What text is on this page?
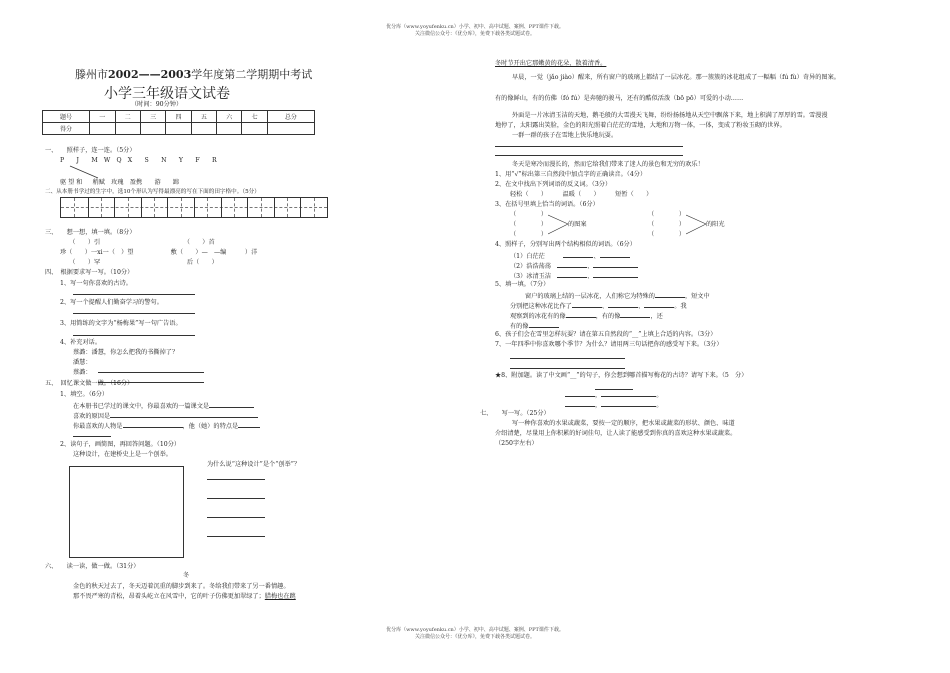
优分库（www.yoyufenku.cn）小学、初中、高中试题、案例、PPT课件下载。
关注微信公众号：《优分库》，免费下载各类试题试卷。
滕州市2002——2003学年度第二学期期中考试
小学三年级语文试卷
（时间：90分钟）
题号	一	二	三	四	五	六	七	总分
得分								
一、　　照样子，连一连。（5分）
P　　J　　M　W　Q　X　　S　　N　　Y　　F　　R
驱 望 和 　 稍赋　玫瑰　盈携　　游　　蹄
二、从本册书学过的生字中，选10个形认为写得最漂亮的写在下面的田字格中。（5分）
三、　　想一想，填一填。（8分）
　　（　　）引　　　　　　　　　　　　　　（　　）首
珍（　　）一xi一（　）望　　　　　　敷（　　）—　—编　　　）洋
　　（　　）罕　　　　　　　　　　　　　　后（　　）
四、　根据要求写一写。（10分）
1、写一句你喜欢的古诗。
2、写一个提醒人们勤奋学习的警句。
3、用简练的文字为“杨梅果”写一句广告语。
4、补充对话。
蔡潞：潘慧，你怎么把我的书撕掉了？
潘慧：
蔡潞：
五、　回忆课文做一做。（16分）
1、填空。（6分）
在本册书已学过的课文中，你最喜欢的一篇课文是
喜欢的原因是
你最喜欢的人物是	，他（她）的特点是
2、读句子，画简图，再回答问题。（10分）
这种设计，在建桥史上是一个创举。
为什么说“这种设计”是个“创举”？
六、　　读一读，做一做。（31分）
冬
金色的秋天过去了，冬天迈着沉重的脚步到来了。冬给我们带来了另一番情趣。
那不畏严寒的青松，昂着头屹立在风雪中，它的叶子仿佛更加翠绿了；腊梅也在跳
冬时节开出它那嫩黄的花朵，散着清香。
早晨，一觉（jǎo jiào）醒来，所有窗户的玻璃上都结了一层冰花。那一簇簇的冰花组成了一幅幅（fú fù）奇异的图案。
有的像鲜山，有的仿佛（fó fú）是奔驰的骏马，还有的酷似活泼（bō pō）可爱的小动……
外面是一片冰清玉洁的天地，鹅毛般的大雪漫天飞舞，纷纷扬扬地从天空中飘落下来，地上积满了厚厚的雪。雪漫漫
地停了，太阳露出笑脸，金色的阳光照着白茫茫的雪地，大地和万物一体，一体，变成了粉妆玉砌的世界。
一群一群的孩子在雪地上快乐地玩耍。
冬天是寒冷而漫长的，然而它给我们带来了迷人的景色和无穷的欢乐！
1、用“√”标出第三自然段中加点字的正确读音。（4分）
2、在文中找出下列词语的反义词。（3分）
轻松（　　）　　　温暖（　　）　　　短暂（　　）
3、在括号里填上恰当的词语。（6分）
（　　　　）
（　　　　）
（　　　　）
的图案
（　　　　）
（　　　　）
（　　　　）
的阳光
4、照样子，分别写出两个结构相似的词语。（6分）
（1）白茫茫　　　	、
（2）浩浩荡荡　	、
（3）冰清玉洁　	、
5、填一填。（7分）
窗户的玻璃上结的一层冰花，人们称它为特殊的	，短文中
分别把这种冰花比作了	、	、	。我
观察到的冰花有的像	，有的像	，还
有的像
6、孩子们会在雪里怎样玩耍？请在第五自然段的“__”上填上合适的内容。（3分）
7、一年四季中你喜欢哪个季节？为什么？请用两三句话把你的感受写下来。（3分）
★8、附加题。读了中文画“__”的句子，你会想到哪首描写梅花的古诗？请写下来。（5　分）
，	。
，	。
七、　　写一写。（25分）
写一种你喜欢的水果或蔬菜，要按一定的顺序，把水果或蔬菜的形状、颜色、味道
介绍清楚，尽量用上你积累的好词佳句，让人读了能感受到你真的喜欢这种水果或蔬菜。
（250字左右）
优分库（www.yoyufenku.cn）小学、初中、高中试题、案例、PPT课件下载。
关注微信公众号：《优分库》，免费下载各类试题试卷。
